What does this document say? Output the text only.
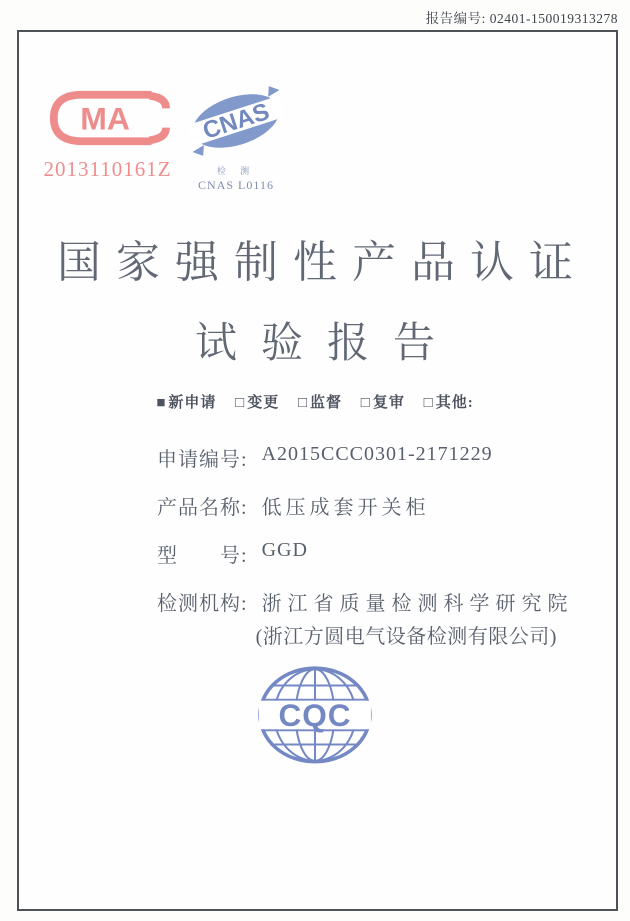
报告编号: 02401-150019313278
MA
2013110161Z
CNAS
检 测
CNAS L0116
国家强制性产品认证
试验报告
■ 新申请 □ 变更 □ 监督 □ 复审 □ 其他:
申请编号: A2015CCC0301-2171229
产品名称: 低压成套开关柜
型　　号: GGD
检测机构: 浙江省质量检测科学研究院
(浙江方圆电气设备检测有限公司)
CQC
